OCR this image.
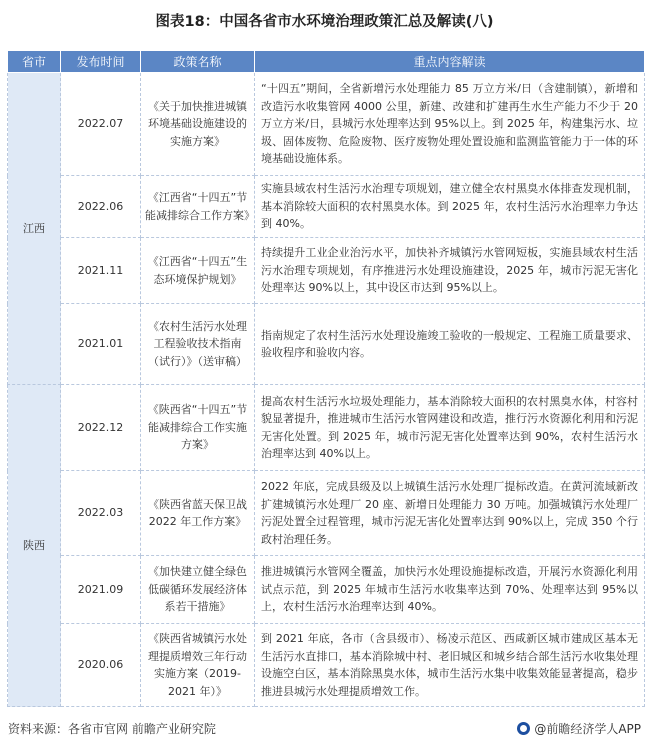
图表18：中国各省市水环境治理政策汇总及解读(八)
省市	发布时间	政策名称	重点内容解读
江西	2022.07	《关于加快推进城镇环境基础设施建设的实施方案》	“十四五”期间，全省新增污水处理能力 85 万立方米/日（含建制镇），新增和改造污水收集管网 4000 公里，新建、改建和扩建再生水生产能力不少于 20 万立方米/日，县城污水处理率达到 95%以上。到 2025 年，构建集污水、垃圾、固体废物、危险废物、医疗废物处理处置设施和监测监管能力于一体的环境基础设施体系。
	2022.06	《江西省“十四五”节能减排综合工作方案》	实施县域农村生活污水治理专项规划，建立健全农村黑臭水体排查发现机制，基本消除较大面积的农村黑臭水体。到 2025 年，农村生活污水治理率力争达到 40%。
	2021.11	《江西省“十四五”生态环境保护规划》	持续提升工业企业治污水平，加快补齐城镇污水管网短板，实施县域农村生活污水治理专项规划，有序推进污水处理设施建设，2025 年，城市污泥无害化处理率达 90%以上，其中设区市达到 95%以上。
	2021.01	《农村生活污水处理工程验收技术指南（试行）》（送审稿）	指南规定了农村生活污水处理设施竣工验收的一般规定、工程施工质量要求、验收程序和验收内容。
陕西	2022.12	《陕西省“十四五”节能减排综合工作实施方案》	提高农村生活污水垃圾处理能力，基本消除较大面积的农村黑臭水体，村容村貌显著提升，推进城市生活污水管网建设和改造，推行污水资源化利用和污泥无害化处置。到 2025 年，城市污泥无害化处置率达到 90%，农村生活污水治理率达到 40%以上。
	2022.03	《陕西省蓝天保卫战 2022 年工作方案》	2022 年底，完成县级及以上城镇生活污水处理厂提标改造。在黄河流域新改扩建城镇污水处理厂 20 座、新增日处理能力 30 万吨。加强城镇污水处理厂污泥处置全过程管理，城市污泥无害化处置率达到 90%以上，完成 350 个行政村治理任务。
	2021.09	《加快建立健全绿色低碳循环发展经济体系若干措施》	推进城镇污水管网全覆盖，加快污水处理设施提标改造，开展污水资源化利用试点示范，到 2025 年城市生活污水收集率达到 70%、处理率达到 95%以上，农村生活污水治理率达到 40%。
	2020.06	《陕西省城镇污水处理提质增效三年行动实施方案（2019-2021 年）》	到 2021 年底，各市（含县级市）、杨凌示范区、西咸新区城市建成区基本无生活污水直排口，基本消除城中村、老旧城区和城乡结合部生活污水收集处理设施空白区，基本消除黑臭水体，城市生活污水集中收集效能显著提高，稳步推进县城污水处理提质增效工作。
资料来源：各省市官网 前瞻产业研究院	@前瞻经济学人APP
